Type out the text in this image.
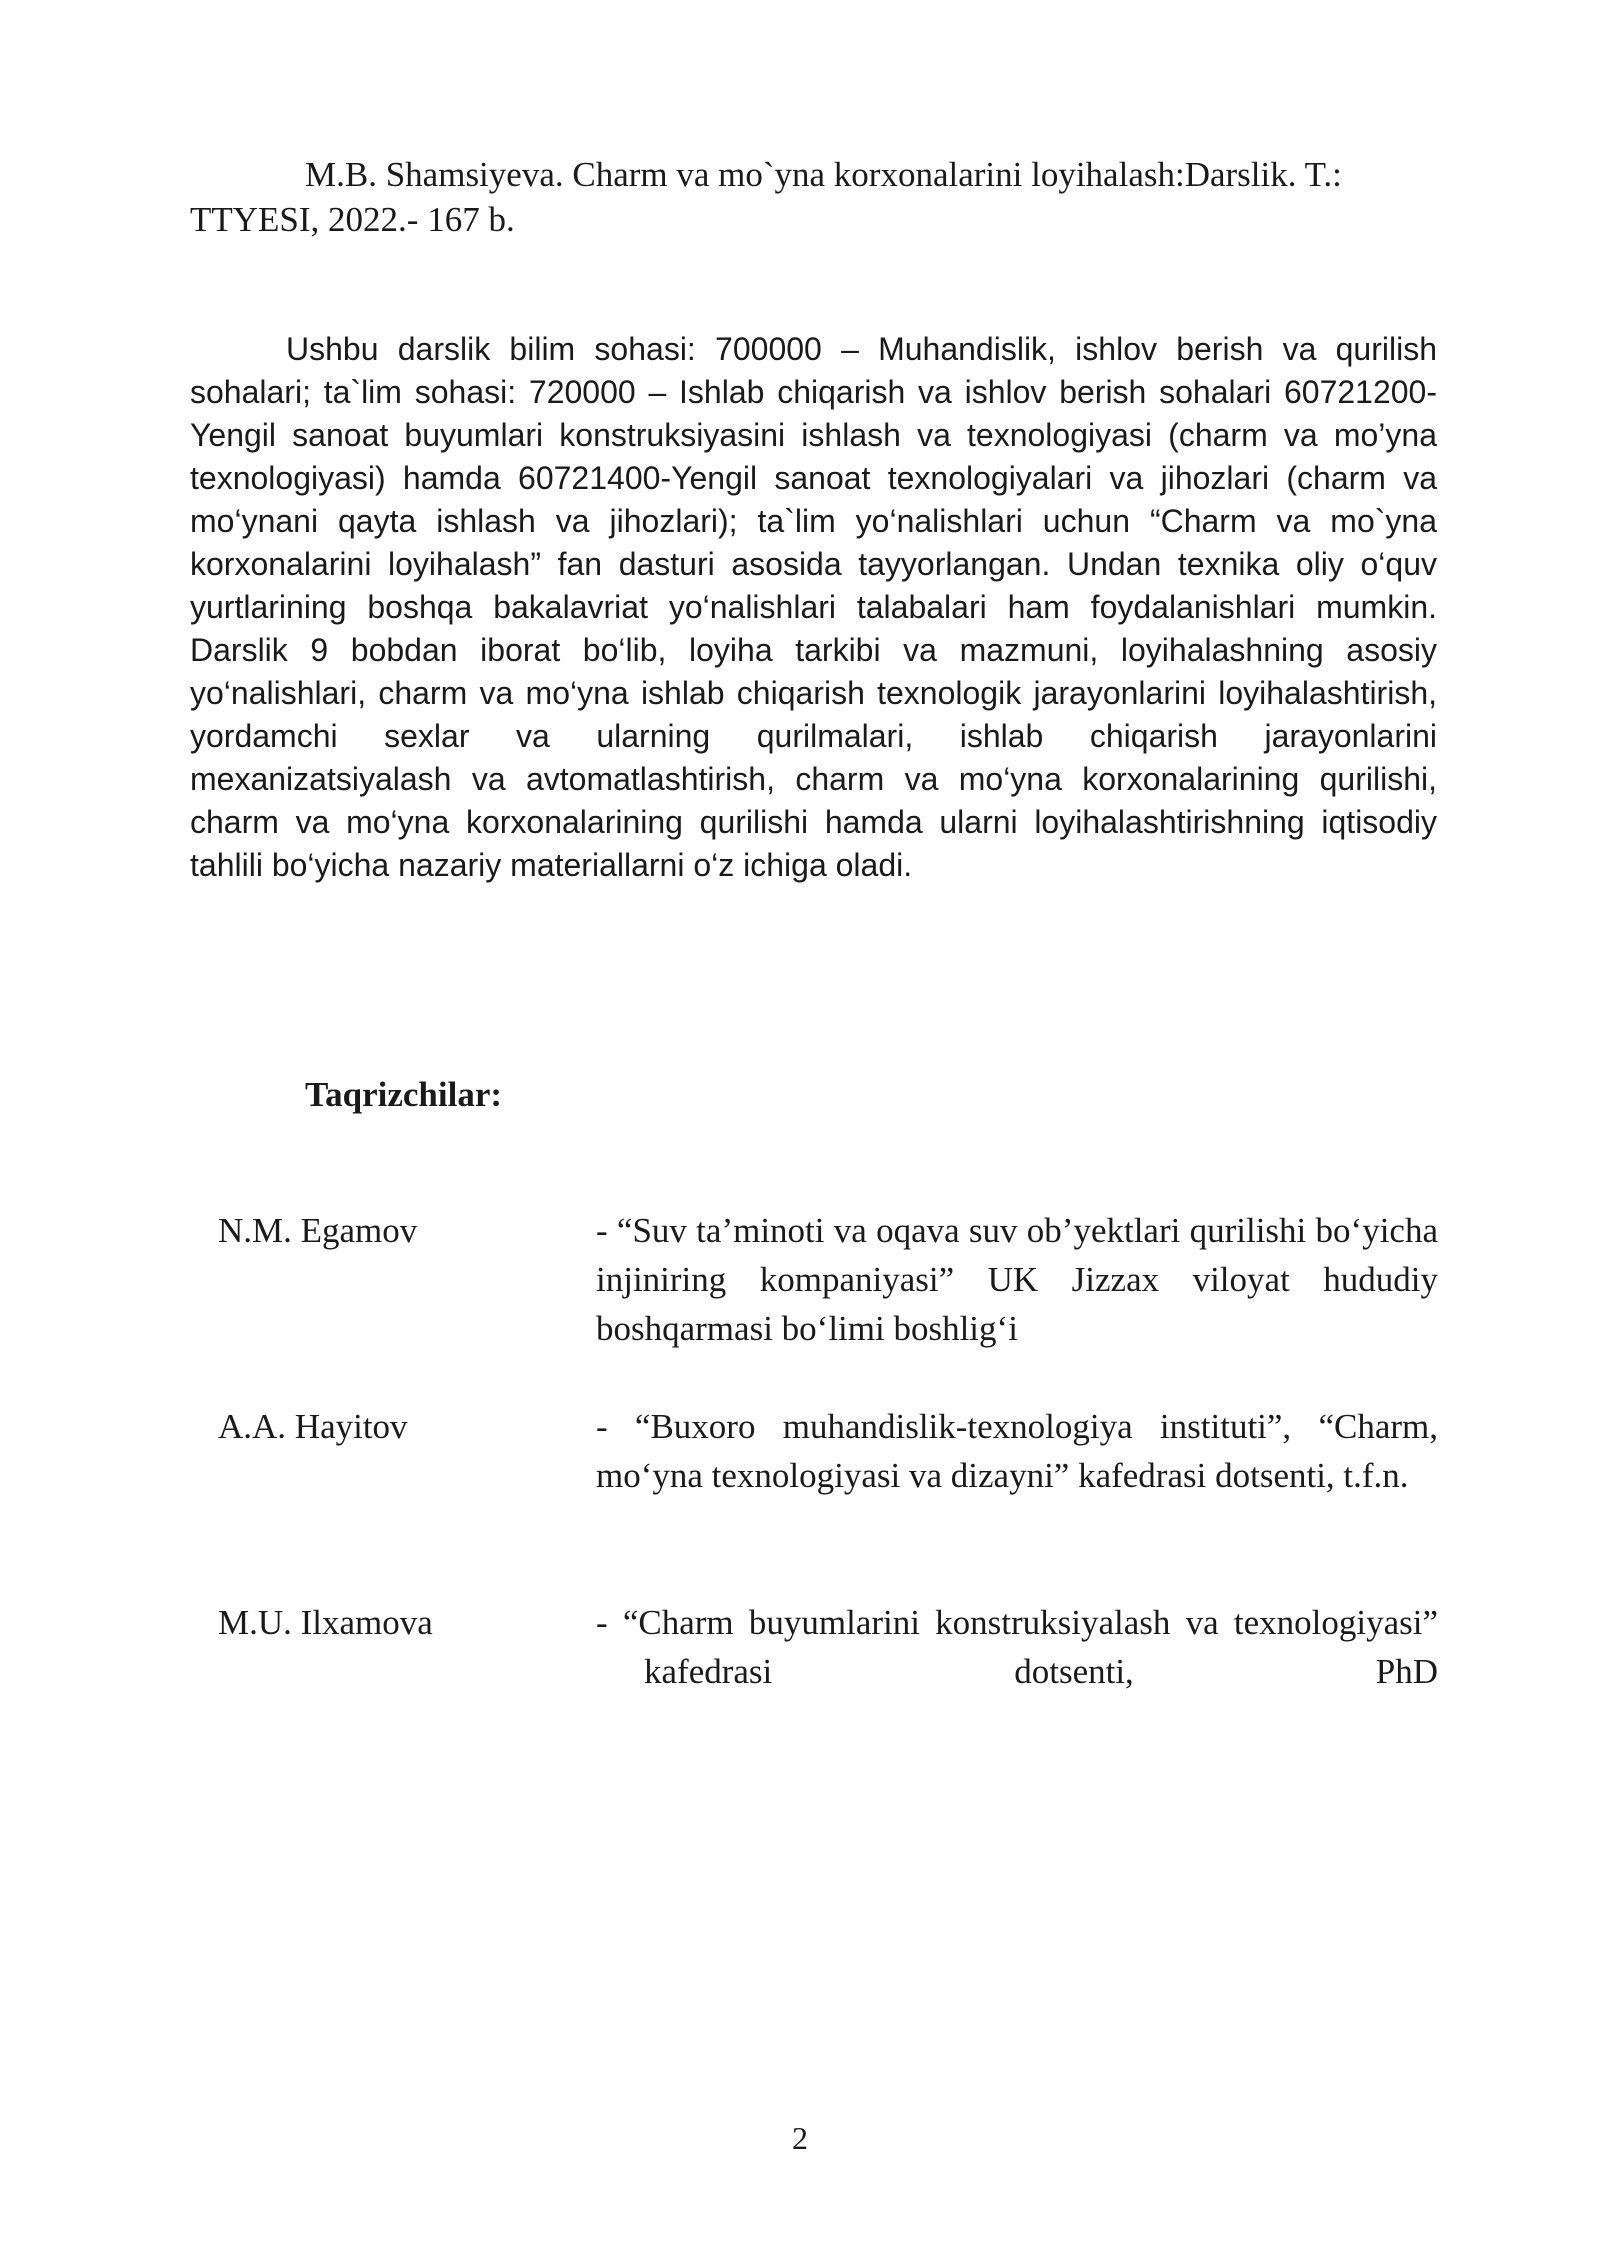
M.B. Shamsiyeva. Charm va mo`yna korxonalarini loyihalash:Darslik. T.: TTYESI, 2022.- 167 b.

Ushbu darslik bilim sohasi: 700000 – Muhandislik, ishlov berish va qurilish sohalari; ta`lim sohasi: 720000 – Ishlab chiqarish va ishlov berish sohalari 60721200-Yengil sanoat buyumlari konstruksiyasini ishlash va texnologiyasi (charm va mo’yna texnologiyasi) hamda 60721400-Yengil sanoat texnologiyalari va jihozlari (charm va mo‘ynani qayta ishlash va jihozlari); ta`lim yo‘nalishlari uchun “Charm va mo`yna korxonalarini loyihalash” fan dasturi asosida tayyorlangan. Undan texnika oliy o‘quv yurtlarining boshqa bakalavriat yo‘nalishlari talabalari ham foydalanishlari mumkin. Darslik 9 bobdan iborat bo‘lib, loyiha tarkibi va mazmuni, loyihalashning asosiy yo‘nalishlari, charm va mo‘yna ishlab chiqarish texnologik jarayonlarini loyihalashtirish, yordamchi sexlar va ularning qurilmalari, ishlab chiqarish jarayonlarini mexanizatsiyalash va avtomatlashtirish, charm va mo‘yna korxonalarining qurilishi, charm va mo‘yna korxonalarining qurilishi hamda ularni loyihalashtirishning iqtisodiy tahlili bo‘yicha nazariy materiallarni o‘z ichiga oladi.

Taqrizchilar:
N.M. Egamov	- “Suv ta’minoti va oqava suv ob’yektlari qurilishi bo‘yicha injiniring kompaniyasi” UK Jizzax viloyat hududiy boshqarmasi bo‘limi boshlig‘i
A.A. Hayitov	- “Buxoro muhandislik-texnologiya instituti”, “Charm, mo‘yna texnologiyasi va dizayni” kafedrasi dotsenti, t.f.n.
M.U. Ilxamova	- “Charm buyumlarini konstruksiyalash va texnologiyasi” kafedrasi dotsenti, PhD
2
